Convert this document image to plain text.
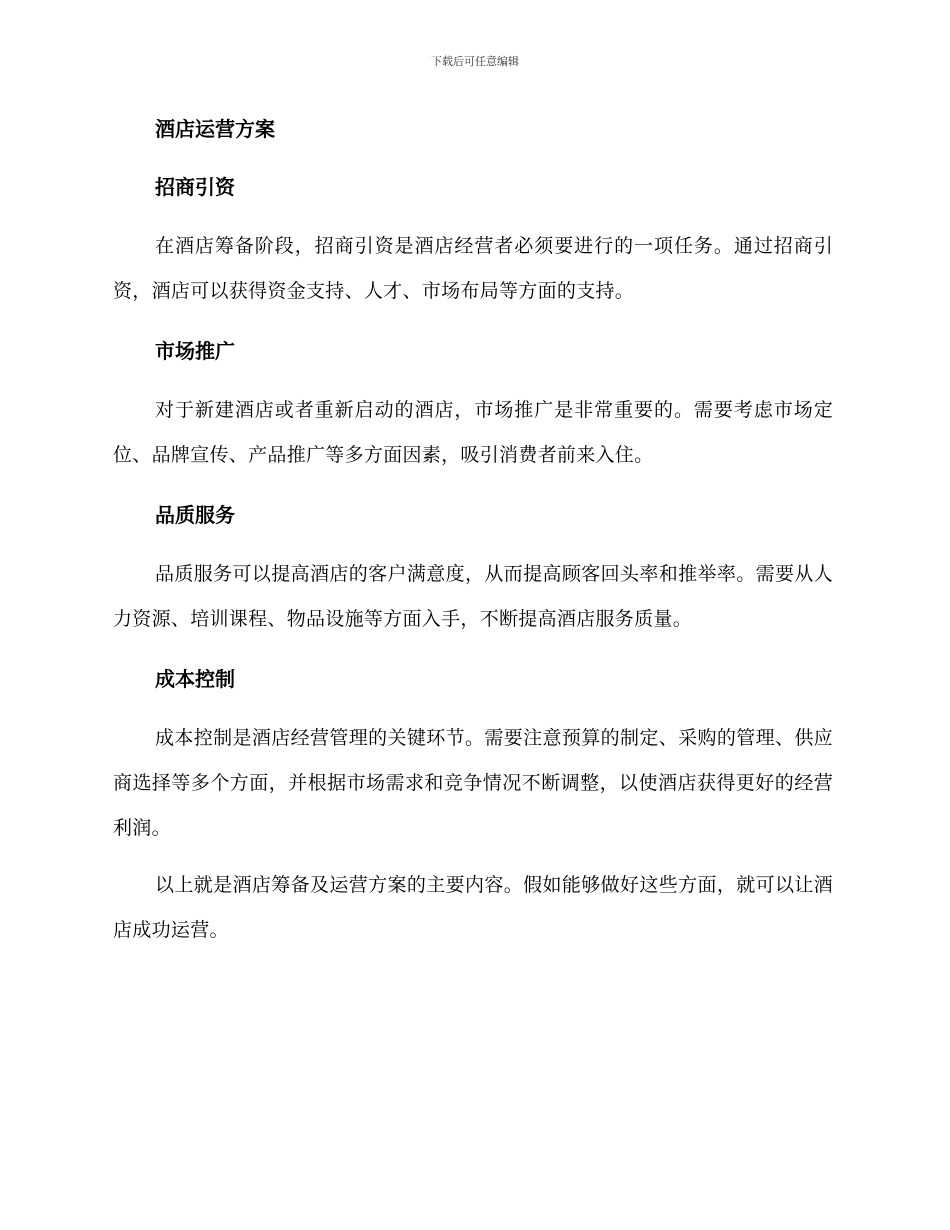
下载后可任意编辑
酒店运营方案
招商引资

在酒店筹备阶段，招商引资是酒店经营者必须要进行的一项任务。通过招商引资，酒店可以获得资金支持、人才、市场布局等方面的支持。

市场推广

对于新建酒店或者重新启动的酒店，市场推广是非常重要的。需要考虑市场定位、品牌宣传、产品推广等多方面因素，吸引消费者前来入住。

品质服务

品质服务可以提高酒店的客户满意度，从而提高顾客回头率和推举率。需要从人力资源、培训课程、物品设施等方面入手，不断提高酒店服务质量。

成本控制

成本控制是酒店经营管理的关键环节。需要注意预算的制定、采购的管理、供应商选择等多个方面，并根据市场需求和竞争情况不断调整，以使酒店获得更好的经营利润。

以上就是酒店筹备及运营方案的主要内容。假如能够做好这些方面，就可以让酒店成功运营。
